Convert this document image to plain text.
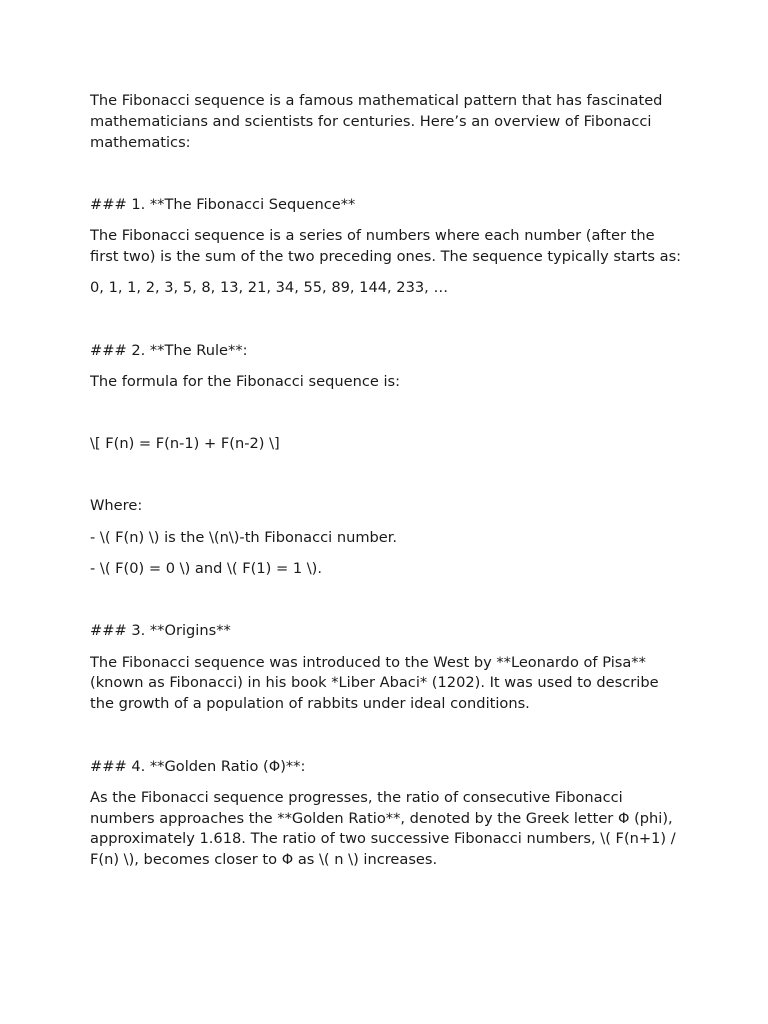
The Fibonacci sequence is a famous mathematical pattern that has fascinated mathematicians and scientists for centuries. Here’s an overview of Fibonacci mathematics:

### 1. **The Fibonacci Sequence**

The Fibonacci sequence is a series of numbers where each number (after the first two) is the sum of the two preceding ones. The sequence typically starts as:

0, 1, 1, 2, 3, 5, 8, 13, 21, 34, 55, 89, 144, 233, …

### 2. **The Rule**:

The formula for the Fibonacci sequence is:

\[ F(n) = F(n-1) + F(n-2) \]

Where:

- \( F(n) \) is the \(n\)-th Fibonacci number.

- \( F(0) = 0 \) and \( F(1) = 1 \).

### 3. **Origins**

The Fibonacci sequence was introduced to the West by **Leonardo of Pisa** (known as Fibonacci) in his book *Liber Abaci* (1202). It was used to describe the growth of a population of rabbits under ideal conditions.

### 4. **Golden Ratio (Φ)**:

As the Fibonacci sequence progresses, the ratio of consecutive Fibonacci numbers approaches the **Golden Ratio**, denoted by the Greek letter Φ (phi), approximately 1.618. The ratio of two successive Fibonacci numbers, \( F(n+1) / F(n) \), becomes closer to Φ as \( n \) increases.
